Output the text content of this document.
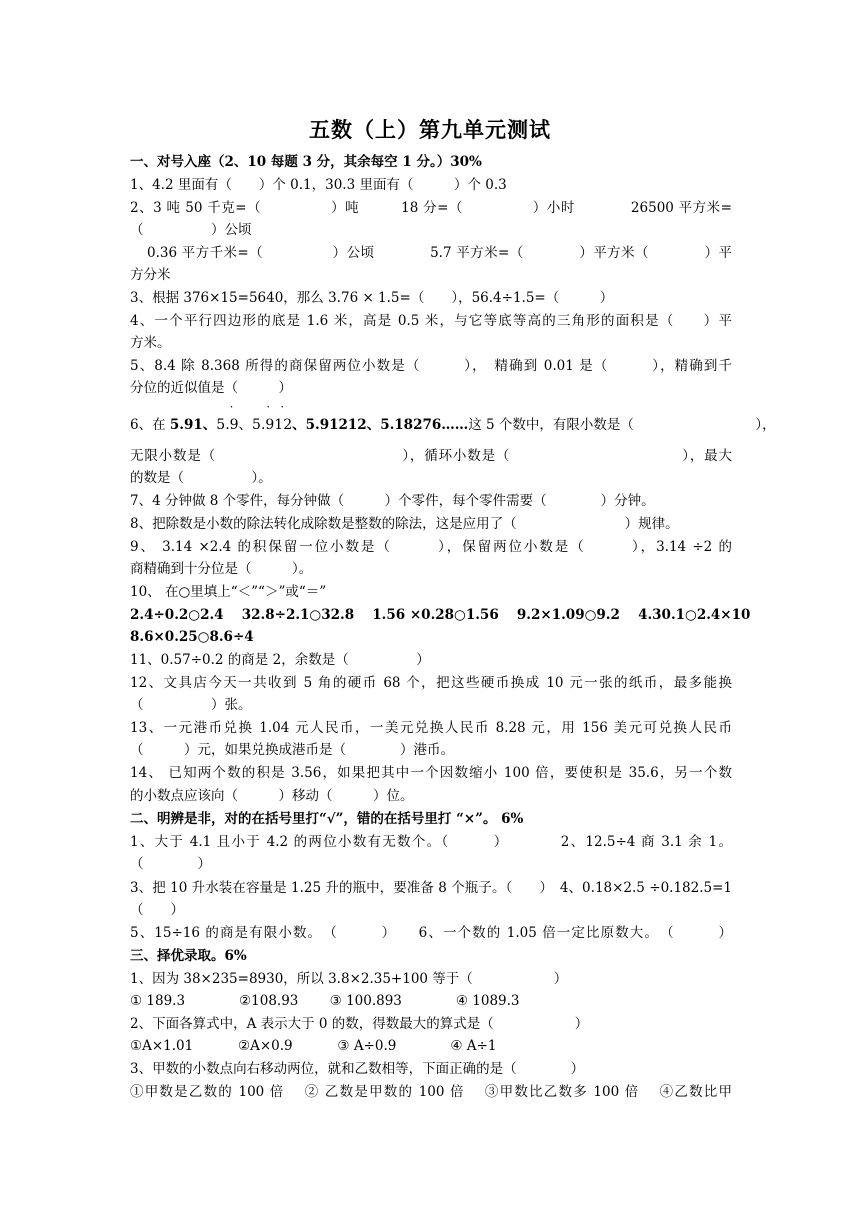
五数（上）第九单元测试
一、对号入座（2、10 每题 3 分，其余每空 1 分。）30%
1、4.2 里面有（　　）个 0.1，30.3 里面有（　　　）个 0.3
2、3 吨 50 千克=（　　　　　）吨　　　18 分=（　　　　　）小时　　　　26500 平方米=
（　　　　　）公顷
0.36 平方千米=（　　　　　）公顷　　　　5.7 平方米=（　　　　）平方米（　　　　）平
方分米
3、根据 376×15=5640，那么 3.76 × 1.5=（　　），56.4÷1.5=（　　　）
4、一个平行四边形的底是 1.6 米，高是 0.5 米，与它等底等高的三角形的面积是（　　）平
方米。
5、8.4 除 8.368 所得的商保留两位小数是（　　　），　精确到 0.01 是（　　　），精确到千
分位的近似值是（　　　）
6、在 5.91、5.9
˙
、5.912
˙ ˙
、5.91212、5.18276……这 5 个数中，有限小数是（　　　　　　　　　），
无限小数是（　　　　　　　　　　　　　），循环小数是（　　　　　　　　　　　　），最大
的数是（　　　　　）。
7、4 分钟做 8 个零件，每分钟做（　　　）个零件，每个零件需要（　　　　）分钟。
8、把除数是小数的除法转化成除数是整数的除法，这是应用了（　　　　　　　　）规律。
9、 3.14 ×2.4 的积保留一位小数是（　　　），保留两位小数是（　　　），3.14 ÷2 的
商精确到十分位是（　　　）。
10、 在○里填上“＜”“＞”或“＝”
2.4÷0.2○2.4　 32.8÷2.1○32.8　 1.56 ×0.28○1.56　 9.2×1.09○9.2　 4.30.1○2.4×10
8.6×0.25○8.6÷4
11、0.57÷0.2 的商是 2，余数是（　　　　　）
12、文具店今天一共收到 5 角的硬币 68 个，把这些硬币换成 10 元一张的纸币，最多能换
（　　　　　）张。
13、一元港币兑换 1.04 元人民币，一美元兑换人民币 8.28 元，用 156 美元可兑换人民币
（　　　）元，如果兑换成港币是（　　　　）港币。
14、 已知两个数的积是 3.56，如果把其中一个因数缩小 100 倍，要使积是 35.6，另一个数
的小数点应该向（　　　）移动（　　　）位。
二、明辨是非，对的在括号里打“√”，错的在括号里打 “×”。 6%
1、大于 4.1 且小于 4.2 的两位小数有无数个。（　　　）　　　　2、12.5÷4 商 3.1 余 1。
（　　　　）
3、把 10 升水装在容量是 1.25 升的瓶中，要准备 8 个瓶子。（　　）　4、0.18×2.5 ÷0.182.5=1
（　　）
5、15÷16 的商是有限小数。　（　　　）　　6、一个数的 1.05 倍一定比原数大。　（　　　）
三、择优录取。6%
1、因为 38×235=8930，所以 3.8×2.35+100 等于（　　　　　　）
① 189.3　　　　②108.93　　 ③ 100.893　　　　④ 1089.3
2、下面各算式中，A 表示大于 0 的数，得数最大的算式是（　　　　　　）
①A×1.01　　　 ②A×0.9　　　 ③ A÷0.9　　　　④ A÷1
3、甲数的小数点向右移动两位，就和乙数相等，下面正确的是（　　　　）
①甲数是乙数的 100 倍　 ② 乙数是甲数的 100 倍　 ③甲数比乙数多 100 倍　 ④乙数比甲
